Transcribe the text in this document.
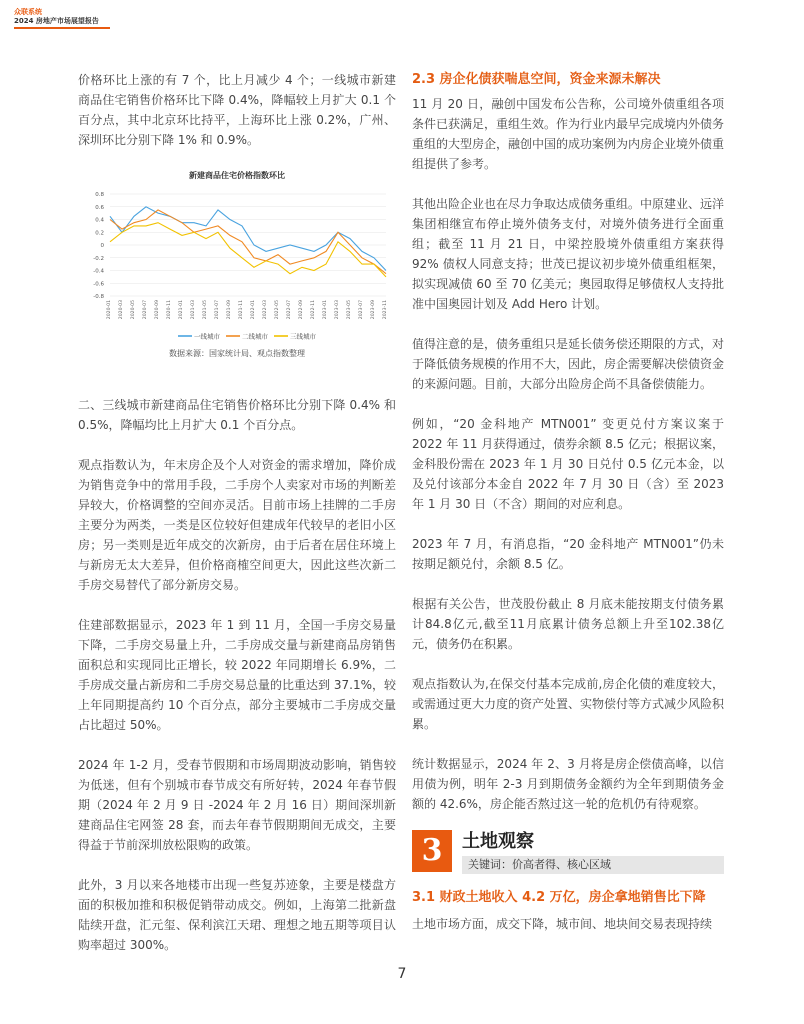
众联系统
2024 房地产市场展望报告

价格环比上涨的有 7 个，比上月减少 4 个；一线城市新建商品住宅销售价格环比下降 0.4%，降幅较上月扩大 0.1 个百分点，其中北京环比持平，上海环比上涨 0.2%，广州、深圳环比分别下降 1% 和 0.9%。

新建商品住宅价格指数环比
0.8
0.6
0.4
0.2
0
-0.2
-0.4
-0.6
-0.8
2020-01 2020-03 2020-05 2020-07 2020-09 2020-11 2021-01 2021-03 2021-05 2021-07 2021-09 2021-11 2022-01 2022-03 2022-05 2022-07 2022-09 2022-11 2023-01 2023-03 2023-05 2023-07 2023-09 2023-11
一线城市	二线城市	三线城市
数据来源：国家统计局、观点指数整理

二、三线城市新建商品住宅销售价格环比分别下降 0.4% 和 0.5%，降幅均比上月扩大 0.1 个百分点。

观点指数认为，年末房企及个人对资金的需求增加，降价成为销售竞争中的常用手段，二手房个人卖家对市场的判断差异较大，价格调整的空间亦灵活。目前市场上挂牌的二手房主要分为两类，一类是区位较好但建成年代较早的老旧小区房；另一类则是近年成交的次新房，由于后者在居住环境上与新房无太大差异，但价格商榷空间更大，因此这些次新二手房交易替代了部分新房交易。

住建部数据显示，2023 年 1 到 11 月，全国一手房交易量下降，二手房交易量上升，二手房成交量与新建商品房销售面积总和实现同比正增长，较 2022 年同期增长 6.9%，二手房成交量占新房和二手房交易总量的比重达到 37.1%，较上年同期提高约 10 个百分点，部分主要城市二手房成交量占比超过 50%。

2024 年 1-2 月，受春节假期和市场周期波动影响，销售较为低迷，但有个别城市春节成交有所好转，2024 年春节假期（2024 年 2 月 9 日 -2024 年 2 月 16 日）期间深圳新建商品住宅网签 28 套，而去年春节假期期间无成交，主要得益于节前深圳放松限购的政策。

此外，3 月以来各地楼市出现一些复苏迹象，主要是楼盘方面的积极加推和积极促销带动成交。例如，上海第二批新盘陆续开盘，汇元玺、保利滨江天珺、理想之地五期等项目认购率超过 300%。

2.3 房企化债获喘息空间，资金来源未解决

11 月 20 日，融创中国发布公告称，公司境外债重组各项条件已获满足，重组生效。作为行业内最早完成境内外债务重组的大型房企，融创中国的成功案例为内房企业境外债重组提供了参考。

其他出险企业也在尽力争取达成债务重组。中原建业、远洋集团相继宣布停止境外债务支付，对境外债务进行全面重组；截至 11 月 21 日，中梁控股境外债重组方案获得 92% 债权人同意支持；世茂已提议初步境外债重组框架，拟实现减债 60 至 70 亿美元；奥园取得足够债权人支持批准中国奥园计划及 Add Hero 计划。

值得注意的是，债务重组只是延长债务偿还期限的方式，对于降低债务规模的作用不大，因此，房企需要解决偿债资金的来源问题。目前，大部分出险房企尚不具备偿债能力。

例如，“20 金科地产 MTN001” 变更兑付方案议案于 2022 年 11 月获得通过，债券余额 8.5 亿元；根据议案，金科股份需在 2023 年 1 月 30 日兑付 0.5 亿元本金，以及兑付该部分本金自 2022 年 7 月 30 日（含）至 2023 年 1 月 30 日（不含）期间的对应利息。

2023 年 7 月，有消息指，“20 金科地产 MTN001”仍未按期足额兑付，余额 8.5 亿。

根据有关公告，世茂股份截止 8 月底未能按期支付债务累计84.8亿元,截至11月底累计债务总额上升至102.38亿元，债务仍在积累。

观点指数认为,在保交付基本完成前,房企化债的难度较大，或需通过更大力度的资产处置、实物偿付等方式减少风险积累。

统计数据显示，2024 年 2、3 月将是房企偿债高峰，以信用债为例，明年 2-3 月到期债务金额约为全年到期债务金额的 42.6%，房企能否熬过这一轮的危机仍有待观察。

3	土地观察
关键词：价高者得、核心区域
3.1 财政土地收入 4.2 万亿，房企拿地销售比下降

土地市场方面，成交下降，城市间、地块间交易表现持续

7
